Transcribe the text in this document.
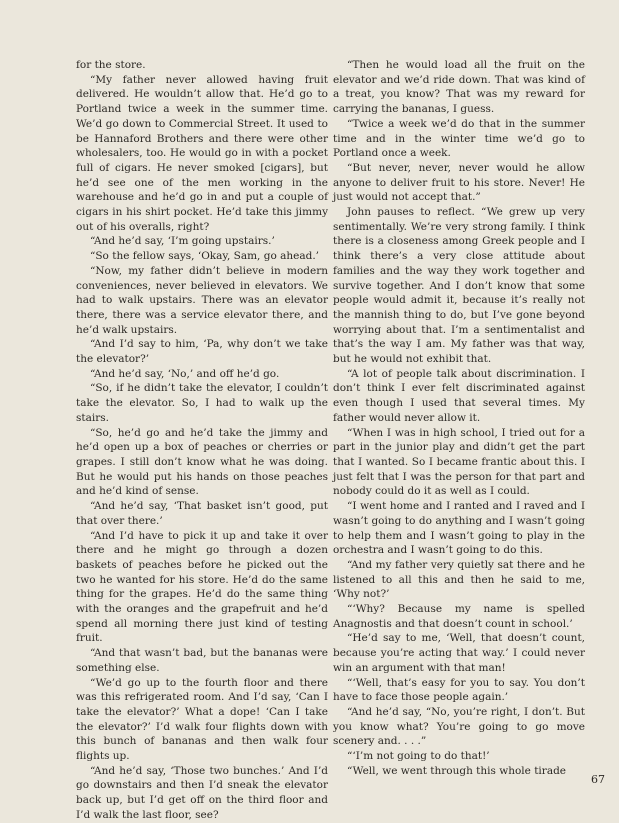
for the store.

“My father never allowed having fruit delivered. He wouldn’t allow that. He’d go to Portland twice a week in the summer time. We’d go down to Commercial Street. It used to be Hannaford Brothers and there were other wholesalers, too. He would go in with a pocket full of cigars. He never smoked [cigars], but he’d see one of the men working in the warehouse and he’d go in and put a couple of cigars in his shirt pocket. He’d take this jimmy out of his overalls, right?

“And he’d say, ‘I’m going upstairs.’

“So the fellow says, ‘Okay, Sam, go ahead.’

“Now, my father didn’t believe in modern conveniences, never believed in elevators. We had to walk upstairs. There was an elevator there, there was a service elevator there, and he’d walk upstairs.

“And I’d say to him, ‘Pa, why don’t we take the elevator?’

“And he’d say, ‘No,’ and off he’d go.

“So, if he didn’t take the elevator, I couldn’t take the elevator. So, I had to walk up the stairs.

“So, he’d go and he’d take the jimmy and he’d open up a box of peaches or cherries or grapes. I still don’t know what he was doing. But he would put his hands on those peaches and he’d kind of sense.

“And he’d say, ‘That basket isn’t good, put that over there.’

“And I’d have to pick it up and take it over there and he might go through a dozen baskets of peaches before he picked out the two he wanted for his store. He’d do the same thing for the grapes. He’d do the same thing with the oranges and the grapefruit and he’d spend all morning there just kind of testing fruit.

“And that wasn’t bad, but the bananas were something else.

“We’d go up to the fourth floor and there was this refrigerated room. And I’d say, ‘Can I take the elevator?’ What a dope! ‘Can I take the elevator?’ I’d walk four flights down with this bunch of bananas and then walk four flights up.

“And he’d say, ‘Those two bunches.’ And I’d go downstairs and then I’d sneak the elevator back up, but I’d get off on the third floor and I’d walk the last floor, see?

“Then he would load all the fruit on the elevator and we’d ride down. That was kind of a treat, you know? That was my reward for carrying the bananas, I guess.

“Twice a week we’d do that in the summer time and in the winter time we’d go to Portland once a week.

“But never, never, never would he allow anyone to deliver fruit to his store. Never! He just would not accept that.”

John pauses to reflect. “We grew up very sentimentally. We’re very strong family. I think there is a closeness among Greek people and I think there’s a very close attitude about families and the way they work together and survive together. And I don’t know that some people would admit it, because it’s really not the mannish thing to do, but I’ve gone beyond worrying about that. I’m a sentimentalist and that’s the way I am. My father was that way, but he would not exhibit that.

“A lot of people talk about discrimination. I don’t think I ever felt discriminated against even though I used that several times. My father would never allow it.

“When I was in high school, I tried out for a part in the junior play and didn’t get the part that I wanted. So I became frantic about this. I just felt that I was the person for that part and nobody could do it as well as I could.

“I went home and I ranted and I raved and I wasn’t going to do anything and I wasn’t going to help them and I wasn’t going to play in the orchestra and I wasn’t going to do this.

“And my father very quietly sat there and he listened to all this and then he said to me, ‘Why not?’

“‘Why? Because my name is spelled Anagnostis and that doesn’t count in school.’

“He’d say to me, ‘Well, that doesn’t count, because you’re acting that way.’ I could never win an argument with that man!

“‘Well, that’s easy for you to say. You don’t have to face those people again.’

“And he’d say, “No, you’re right, I don’t. But you know what? You’re going to go move scenery and. . . .”

“‘I’m not going to do that!’

“Well, we went through this whole tirade

67
